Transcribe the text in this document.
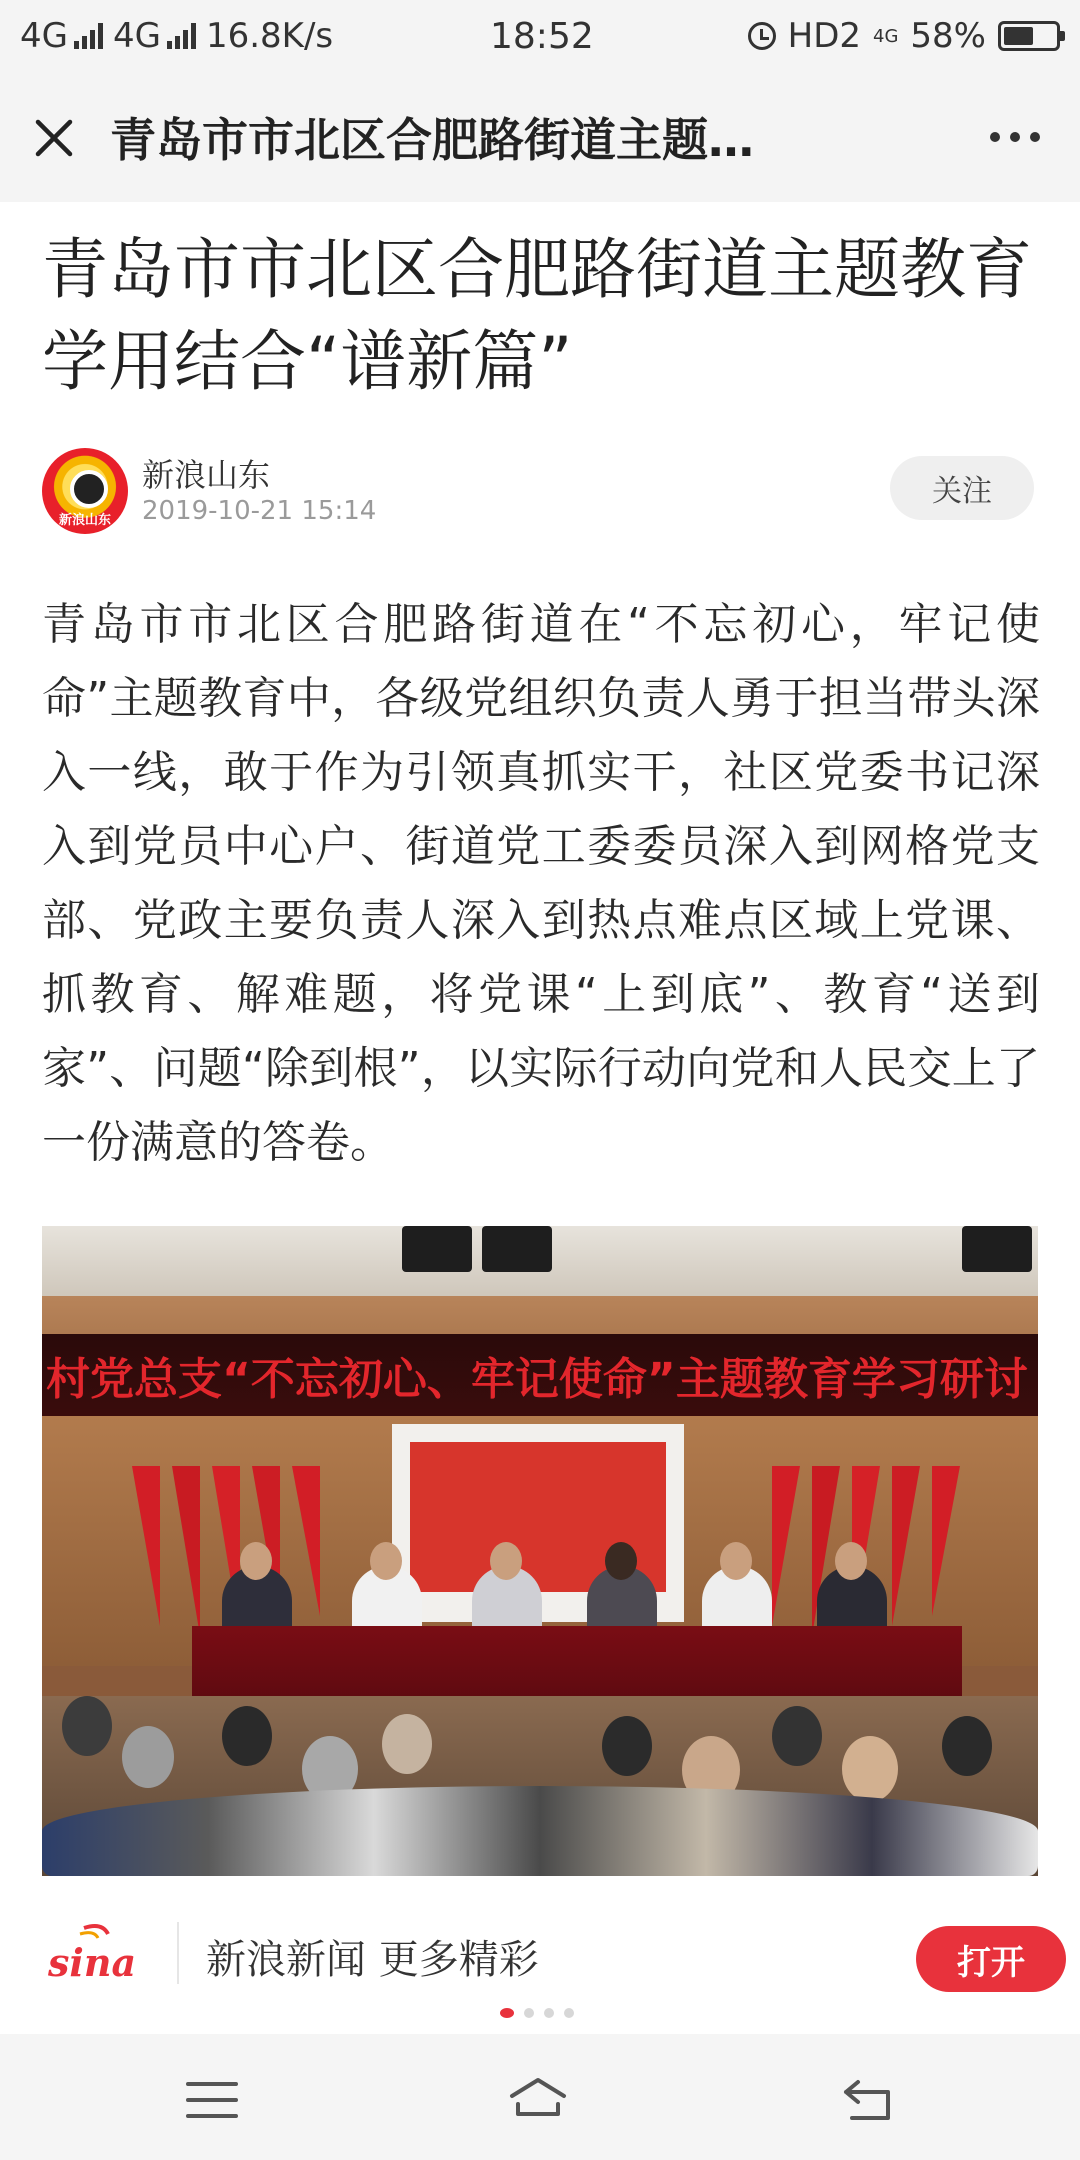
4G 4G 16.8K/s	18:52	HD2 4G 58%
青岛市市北区合肥路街道主题…
青岛市市北区合肥路街道主题教育学用结合“谱新篇”
新浪山东
新浪山东
2019-10-21 15:14
关注
青岛市市北区合肥路街道在“不忘初心，牢记使命”主题教育中，各级党组织负责人勇于担当带头深入一线，敢于作为引领真抓实干，社区党委书记深入到党员中心户、街道党工委委员深入到网格党支部、党政主要负责人深入到热点难点区域上党课、抓教育、解难题，将党课“上到底”、教育“送到家”、问题“除到根”，以实际行动向党和人民交上了一份满意的答卷。
村党总支“不忘初心、牢记使命”主题教育学习研讨
sina 新浪新闻 更多精彩	打开
